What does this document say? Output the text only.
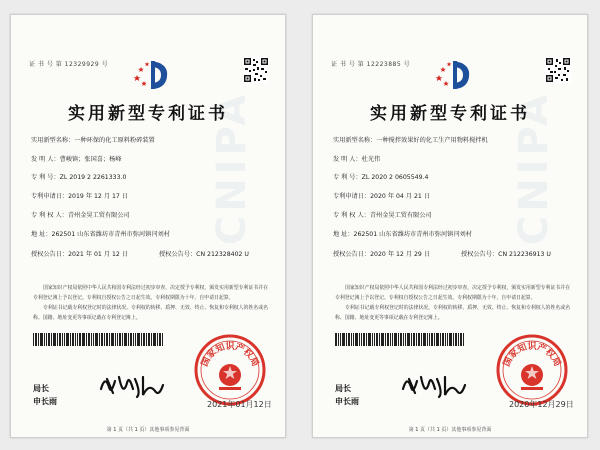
CNIPA
证 书 号 第 12329929 号
实用新型专利证书
实用新型名称：一种环保的化工原料粉碎装置
发 明 人：曹峻镇；张国喜；杨峰
专 利 号：ZL 2019 2 2261333.0
专利申请日：2019 年 12 月 17 日
专 利 权 人：青州金昊工贸有限公司
地 址：262501 山东省潍坊市青州市弥河镇闫刘村
授权公告日：2021 年 01 月 12 日	授权公告号：CN 212328402 U

国家知识产权局依照中华人民共和国专利法经过初步审查，决定授予专利权，颁发实用新型专利证书并在专利登记簿上予以登记。专利权自授权公告之日起生效。专利权期限为十年，自申请日起算。

专利证书记载专利权登记时的法律状况。专利权的转移、质押、无效、终止、恢复和专利权人的姓名或名称、国籍、地址变更等事项记载在专利登记簿上。

局长
申长雨
国家知识产权局
2021年01月12日
第 1 页（共 1 页）其他事项参见背面
CNIPA
证 书 号 第 12223885 号
实用新型专利证书
实用新型名称：一种搅拌效果好的化工生产用物料搅拌机
发 明 人：杜光伟
专 利 号：ZL 2020 2 0605549.4
专利申请日：2020 年 04 月 21 日
专 利 权 人：青州金昊工贸有限公司
地 址：262501 山东省潍坊市青州市弥河镇闫刘村
授权公告日：2020 年 12 月 29 日	授权公告号：CN 212236913 U

国家知识产权局依照中华人民共和国专利法经过初步审查，决定授予专利权，颁发实用新型专利证书并在专利登记簿上予以登记。专利权自授权公告之日起生效。专利权期限为十年，自申请日起算。

专利证书记载专利权登记时的法律状况。专利权的转移、质押、无效、终止、恢复和专利权人的姓名或名称、国籍、地址变更等事项记载在专利登记簿上。

局长
申长雨
国家知识产权局
2020年12月29日
第 1 页（共 1 页）其他事项参见背面
